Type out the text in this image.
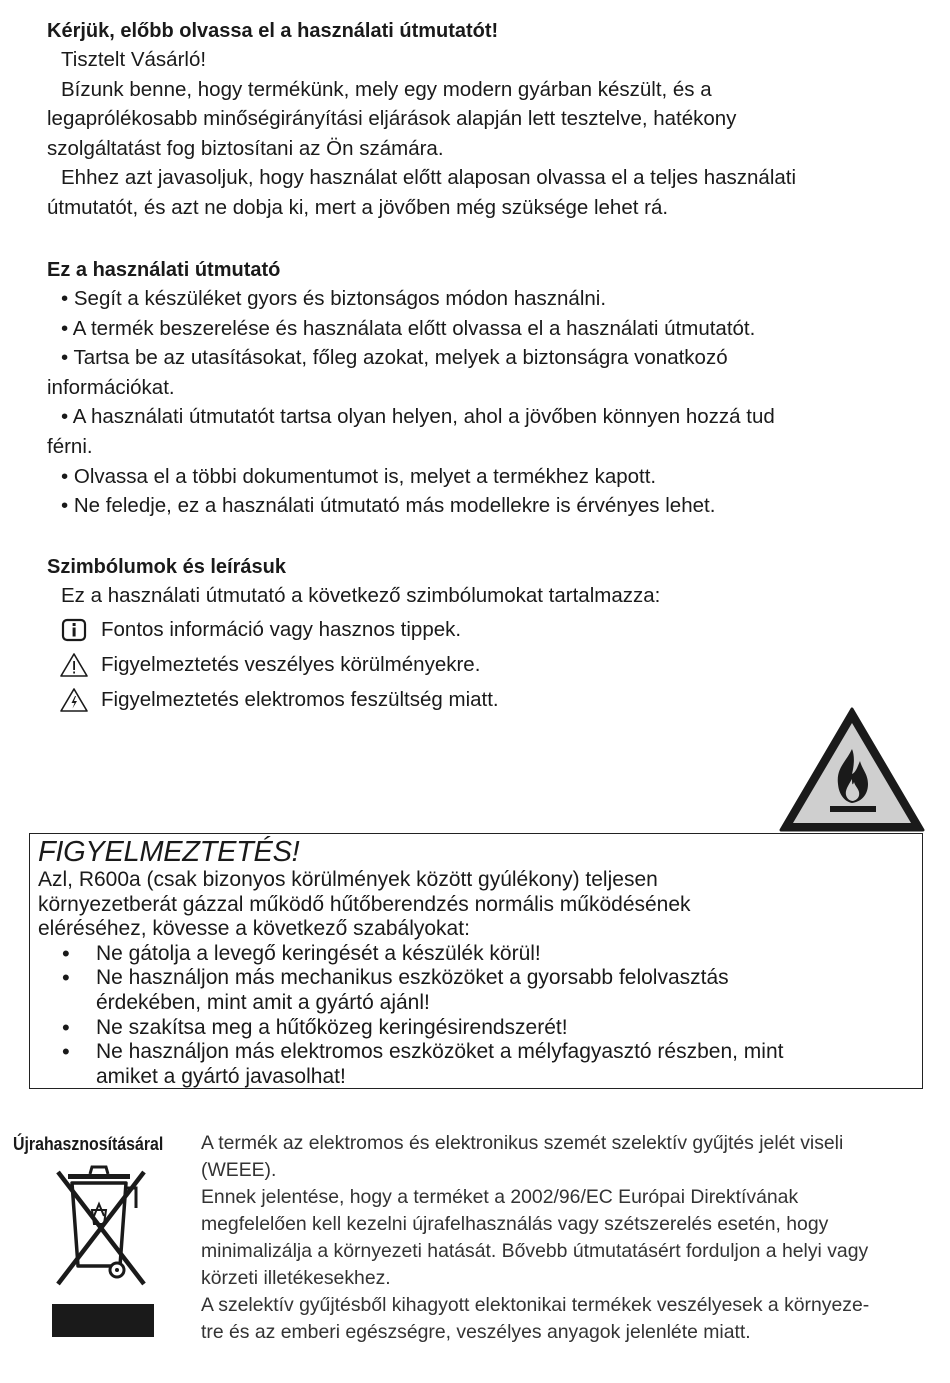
Kérjük, előbb olvassa el a használati útmutatót!

Tisztelt Vásárló!

Bízunk benne, hogy termékünk, mely egy modern gyárban készült, és a

legaprólékosabb minőségirányítási eljárások alapján lett tesztelve, hatékony

szolgáltatást fog biztosítani az Ön számára.

Ehhez azt javasoljuk, hogy használat előtt alaposan olvassa el a teljes használati

útmutatót, és azt ne dobja ki, mert a jövőben még szüksége lehet rá.

Ez a használati útmutató

• Segít a készüléket gyors és biztonságos módon használni.

• A termék beszerelése és használata előtt olvassa el a használati útmutatót.

• Tartsa be az utasításokat, főleg azokat, melyek a biztonságra vonatkozó

információkat.

• A használati útmutatót tartsa olyan helyen, ahol a jövőben könnyen hozzá tud

férni.

• Olvassa el a többi dokumentumot is, melyet a termékhez kapott.

• Ne feledje, ez a használati útmutató más modellekre is érvényes lehet.

Szimbólumok és leírásuk

Ez a használati útmutató a következő szimbólumokat tartalmazza:

Fontos információ vagy hasznos tippek.
Figyelmeztetés veszélyes körülményekre.
Figyelmeztetés elektromos feszültség miatt.

FIGYELMEZTETÉS!

Azl, R600a (csak bizonyos körülmények között gyúlékony) teljesen

környezetberát gázzal működő hűtőberendzés normális működésének

eléréséhez, kövesse a következő szabályokat:

•	Ne gátolja a levegő keringését a készülék körül!
•	Ne használjon más mechanikus eszközöket a gyorsabb felolvasztás
érdekében, mint amit a gyártó ajánl!
•	Ne szakítsa meg a hűtőközeg keringésirendszerét!
•	Ne használjon más elektromos eszközöket a mélyfagyasztó részben, mint
amiket a gyártó javasolhat!
Újrahasznosításáral A termék az elektromos és elektronikus szemét szelektív gyűjtés jelét viseli

(WEEE).

Ennek jelentése, hogy a terméket a 2002/96/EC Európai Direktívának

megfelelően kell kezelni újrafelhasználás vagy szétszerelés esetén, hogy

minimalizálja a környezeti hatását. Bővebb útmutatásért forduljon a helyi vagy

körzeti illetékesekhez.

A szelektív gyűjtésből kihagyott elektonikai termékek veszélyesek a környeze-

tre és az emberi egészségre, veszélyes anyagok jelenléte miatt.
